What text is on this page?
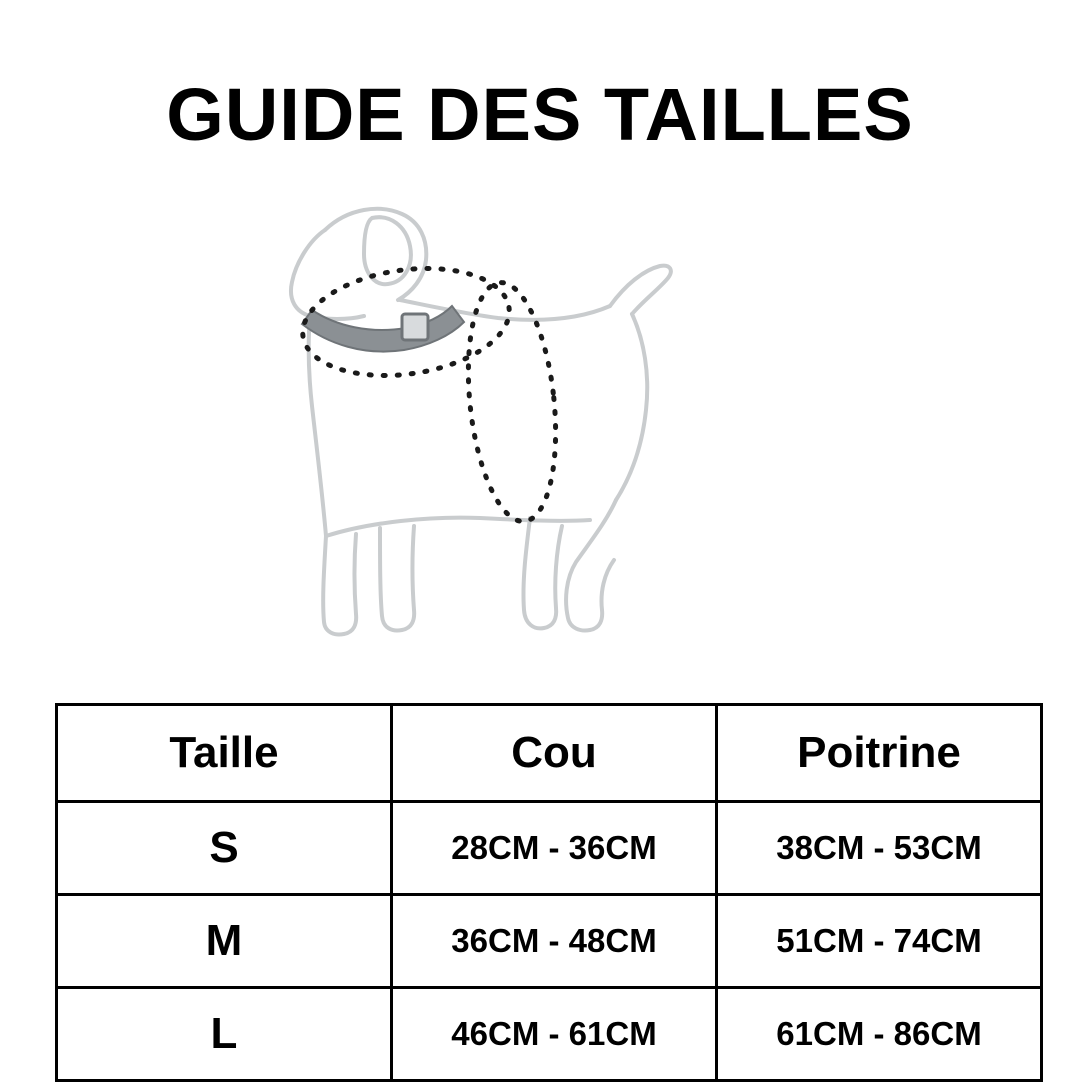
GUIDE DES TAILLES
Taille	Cou	Poitrine
S	28CM - 36CM	38CM - 53CM
M	36CM - 48CM	51CM - 74CM
L	46CM - 61CM	61CM - 86CM
